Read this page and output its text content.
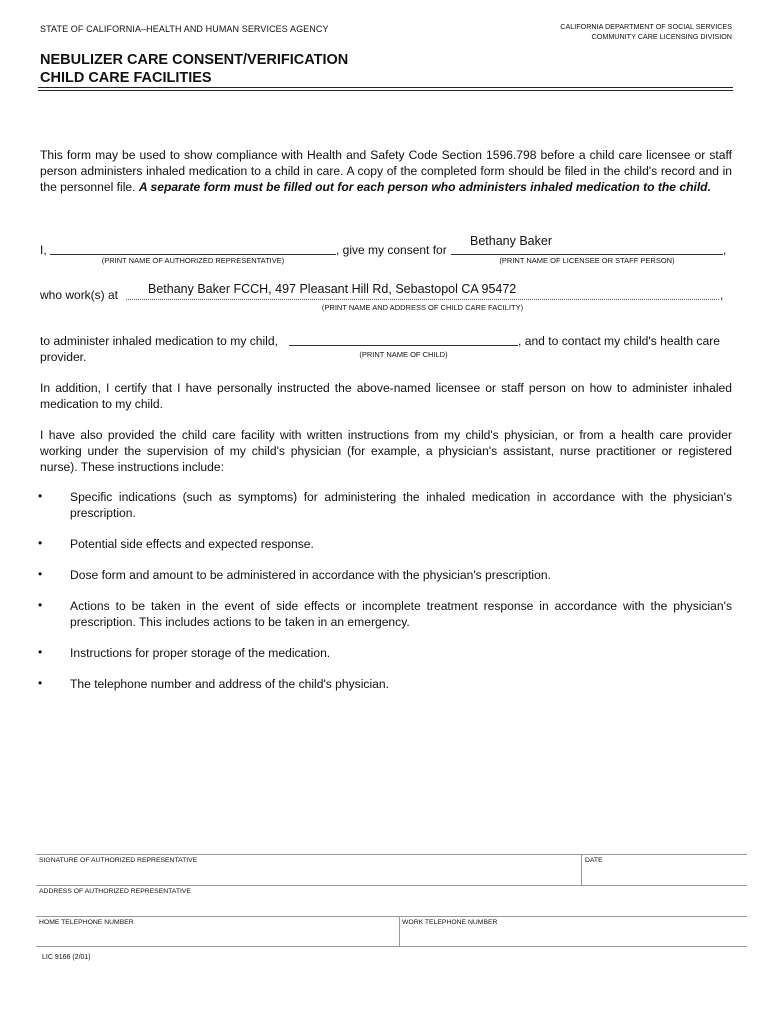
STATE OF CALIFORNIA–HEALTH AND HUMAN SERVICES AGENCY	CALIFORNIA DEPARTMENT OF SOCIAL SERVICES
COMMUNITY CARE LICENSING DIVISION
NEBULIZER CARE CONSENT/VERIFICATION
CHILD CARE FACILITIES
This form may be used to show compliance with Health and Safety Code Section 1596.798 before a child care licensee or staff person administers inhaled medication to a child in care. A copy of the completed form should be filed in the child's record and in the personnel file. A separate form must be filled out for each person who administers inhaled medication to the child.
I,
(PRINT NAME OF AUTHORIZED REPRESENTATIVE)
, give my consent for
Bethany Baker
,
(PRINT NAME OF LICENSEE OR STAFF PERSON)
who work(s) at Bethany Baker FCCH, 497 Pleasant Hill Rd, Sebastopol CA 95472	,
(PRINT NAME AND ADDRESS OF CHILD CARE FACILITY)
to administer inhaled medication to my child,	, and to contact my child's health care
(PRINT NAME OF CHILD)
provider.
In addition, I certify that I have personally instructed the above-named licensee or staff person on how to administer inhaled medication to my child.
I have also provided the child care facility with written instructions from my child's physician, or from a health care provider working under the supervision of my child's physician (for example, a physician's assistant, nurse practitioner or registered nurse). These instructions include:
• Specific indications (such as symptoms) for administering the inhaled medication in accordance with the physician's prescription.
• Potential side effects and expected response.
• Dose form and amount to be administered in accordance with the physician's prescription.
• Actions to be taken in the event of side effects or incomplete treatment response in accordance with the physician's prescription. This includes actions to be taken in an emergency.
• Instructions for proper storage of the medication.
• The telephone number and address of the child's physician.
SIGNATURE OF AUTHORIZED REPRESENTATIVE	DATE
ADDRESS OF AUTHORIZED REPRESENTATIVE
HOME TELEPHONE NUMBER	WORK TELEPHONE NUMBER
LIC 9166 (2/01)
